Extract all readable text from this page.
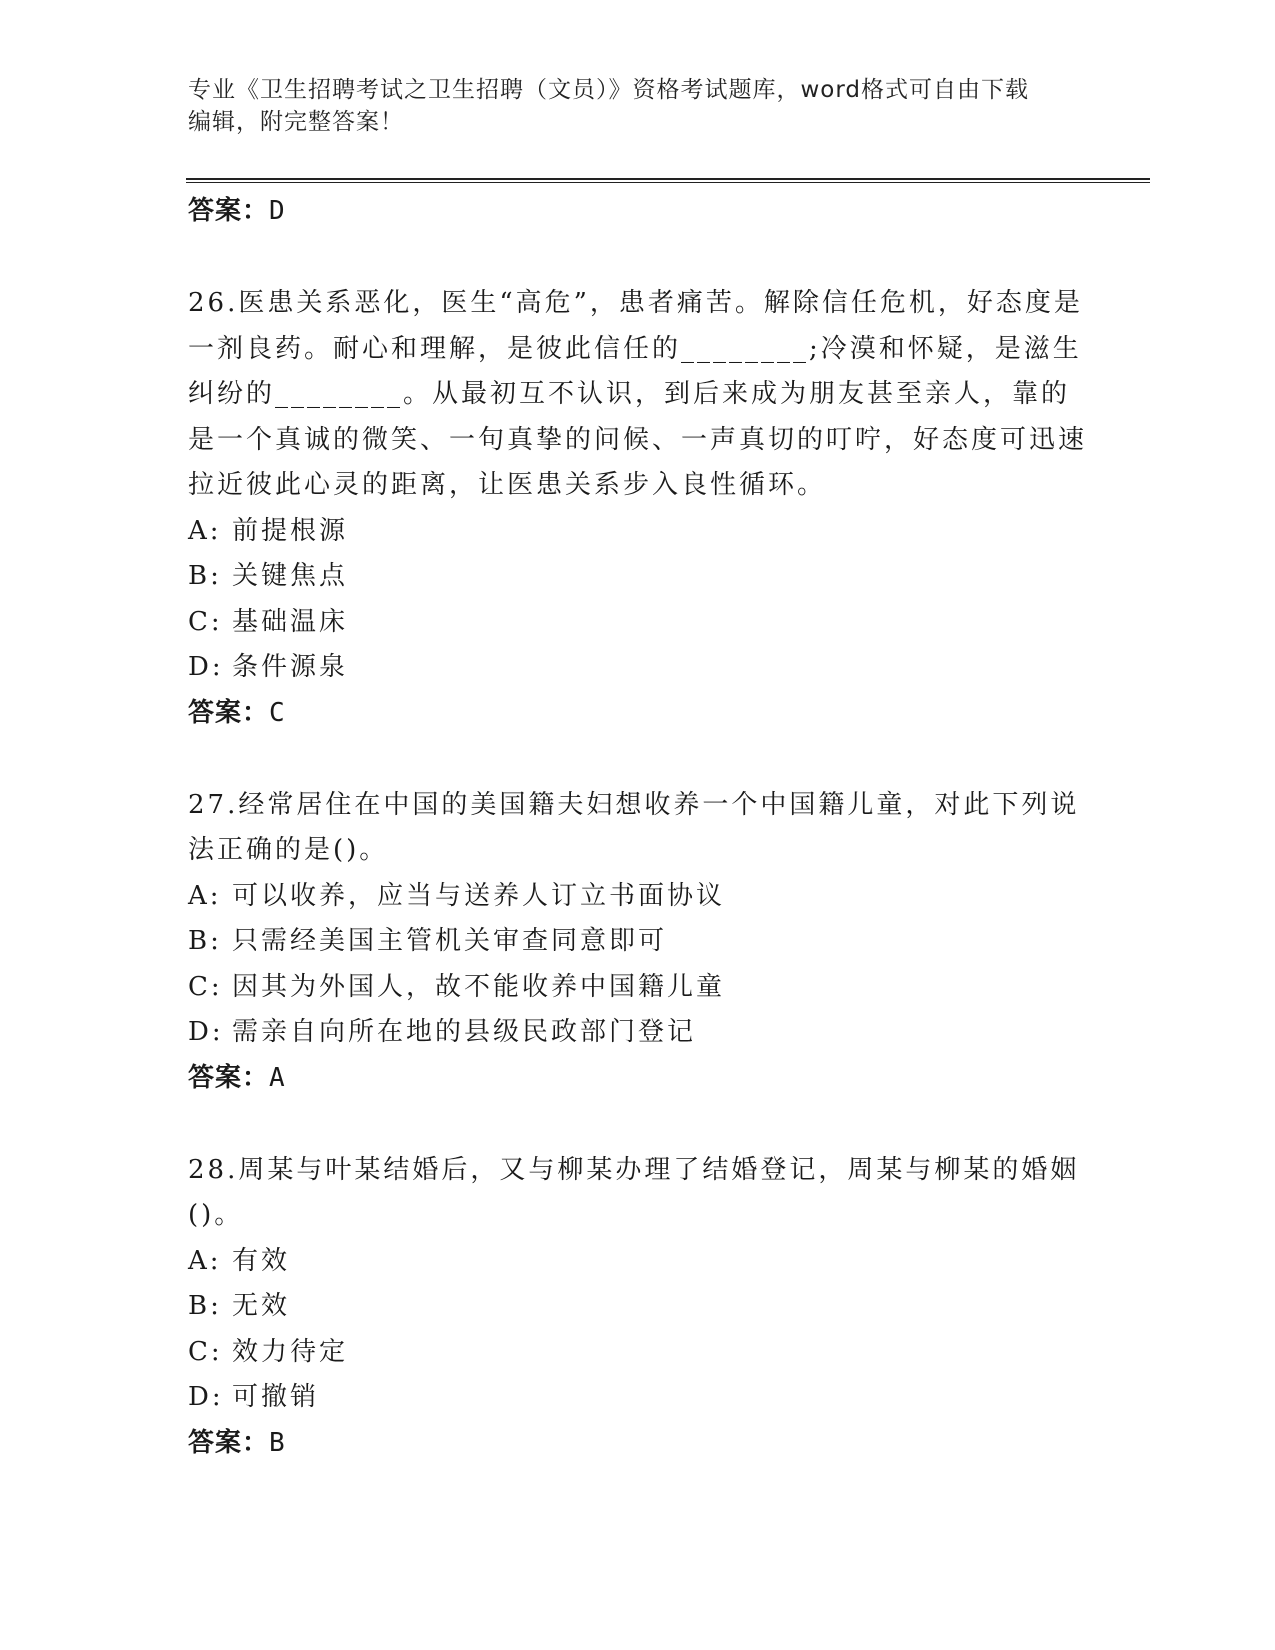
专业《卫生招聘考试之卫生招聘（文员）》资格考试题库，word格式可自由下载
编辑，附完整答案！
答案：D

26.医患关系恶化，医生“高危”，患者痛苦。解除信任危机，好态度是一剂良药。耐心和理解，是彼此信任的________;冷漠和怀疑，是滋生纠纷的________。从最初互不认识，到后来成为朋友甚至亲人，靠的是一个真诚的微笑、一句真挚的问候、一声真切的叮咛，好态度可迅速拉近彼此心灵的距离，让医患关系步入良性循环。

A: 前提根源
B: 关键焦点
C: 基础温床
D: 条件源泉
答案：C

27.经常居住在中国的美国籍夫妇想收养一个中国籍儿童，对此下列说法正确的是()。

A: 可以收养，应当与送养人订立书面协议
B: 只需经美国主管机关审查同意即可
C: 因其为外国人，故不能收养中国籍儿童
D: 需亲自向所在地的县级民政部门登记
答案：A

28.周某与叶某结婚后，又与柳某办理了结婚登记，周某与柳某的婚姻()。

A: 有效
B: 无效
C: 效力待定
D: 可撤销
答案：B
